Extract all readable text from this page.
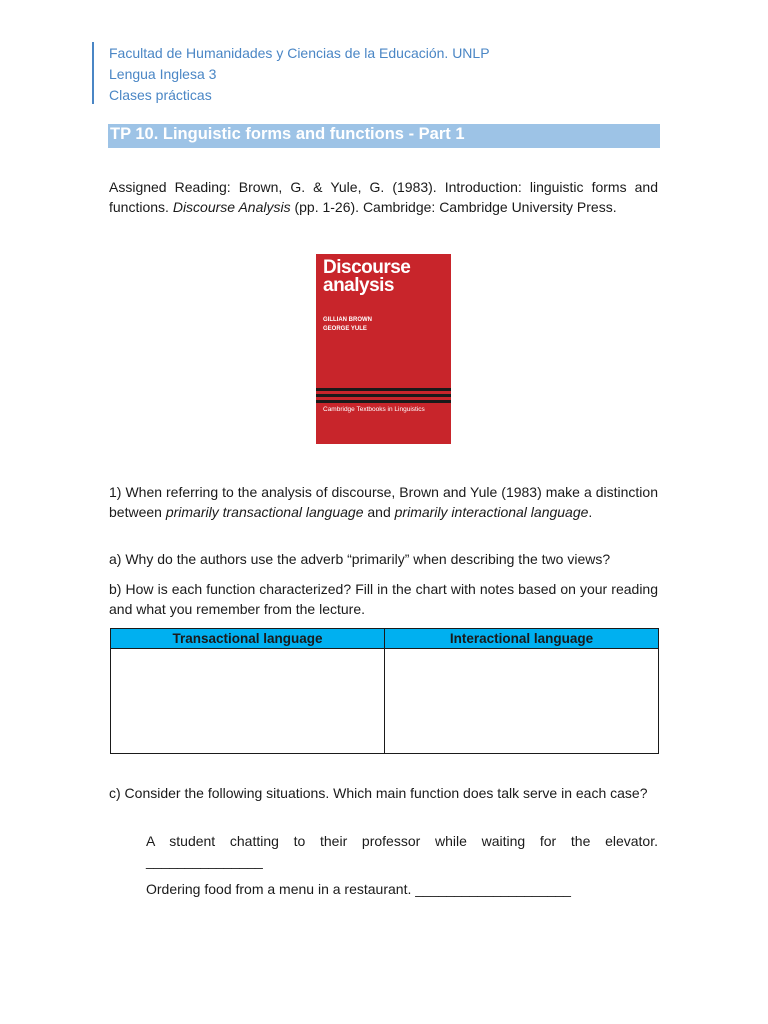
Facultad de Humanidades y Ciencias de la Educación. UNLP
Lengua Inglesa 3
Clases prácticas
TP 10. Linguistic forms and functions - Part 1
Assigned Reading: Brown, G. & Yule, G. (1983). Introduction: linguistic forms and functions. Discourse Analysis (pp. 1-26). Cambridge: Cambridge University Press.
Discourse
analysis
GILLIAN BROWN
GEORGE YULE
Cambridge Textbooks in Linguistics
1) When referring to the analysis of discourse, Brown and Yule (1983) make a distinction between primarily transactional language and primarily interactional language.
a) Why do the authors use the adverb “primarily” when describing the two views?
b) How is each function characterized? Fill in the chart with notes based on your reading and what you remember from the lecture.
Transactional language	Interactional language

c) Consider the following situations. Which main function does talk serve in each case?
A student chatting to their professor while waiting for the elevator.
_______________
Ordering food from a menu in a restaurant. ____________________
